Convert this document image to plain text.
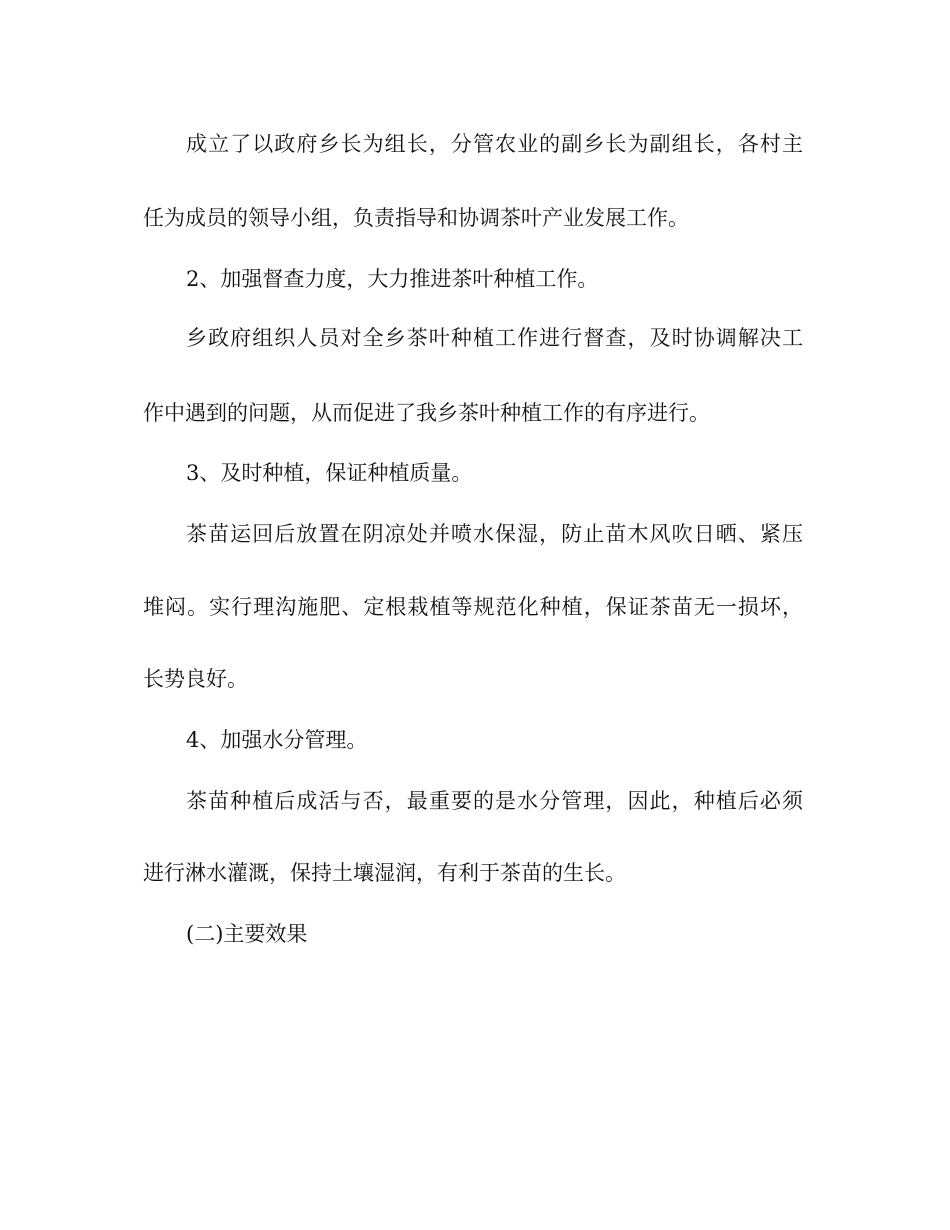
成立了以政府乡长为组长，分管农业的副乡长为副组长，各村主
任为成员的领导小组，负责指导和协调茶叶产业发展工作。
2、加强督查力度，大力推进茶叶种植工作。
乡政府组织人员对全乡茶叶种植工作进行督查，及时协调解决工
作中遇到的问题，从而促进了我乡茶叶种植工作的有序进行。
3、及时种植，保证种植质量。
茶苗运回后放置在阴凉处并喷水保湿，防止苗木风吹日晒、紧压
堆闷。实行理沟施肥、定根栽植等规范化种植，保证茶苗无一损坏，
长势良好。
4、加强水分管理。
茶苗种植后成活与否，最重要的是水分管理，因此，种植后必须
进行淋水灌溉，保持土壤湿润，有利于茶苗的生长。
(二)主要效果
